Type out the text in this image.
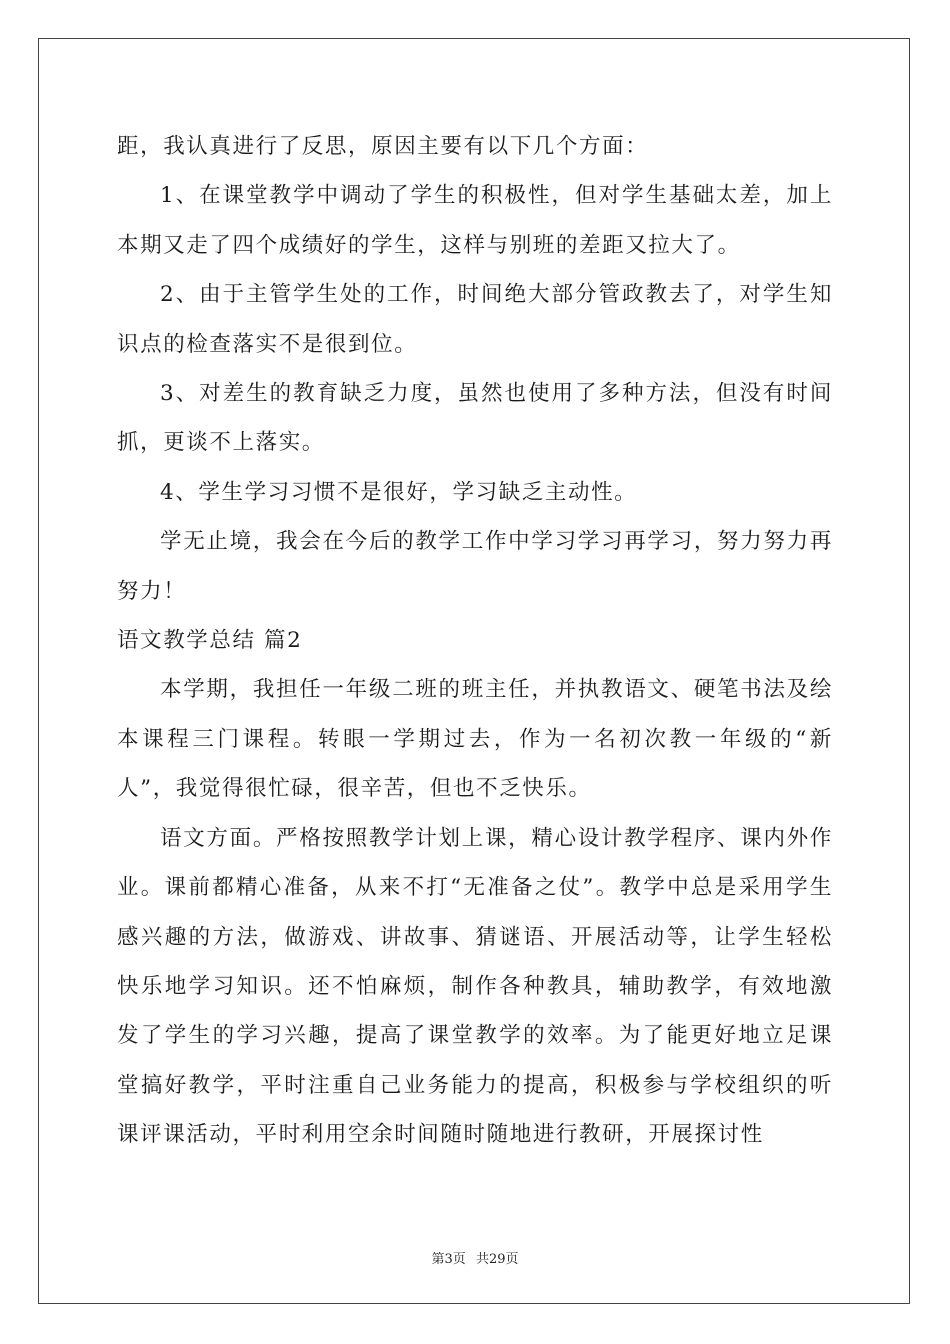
距，我认真进行了反思，原因主要有以下几个方面：

1、在课堂教学中调动了学生的积极性，但对学生基础太差，加上本期又走了四个成绩好的学生，这样与别班的差距又拉大了。

2、由于主管学生处的工作，时间绝大部分管政教去了，对学生知识点的检查落实不是很到位。

3、对差生的教育缺乏力度，虽然也使用了多种方法，但没有时间抓，更谈不上落实。

4、学生学习习惯不是很好，学习缺乏主动性。

学无止境，我会在今后的教学工作中学习学习再学习，努力努力再努力！

语文教学总结 篇2

本学期，我担任一年级二班的班主任，并执教语文、硬笔书法及绘本课程三门课程。转眼一学期过去，作为一名初次教一年级的“新人”，我觉得很忙碌，很辛苦，但也不乏快乐。

语文方面。严格按照教学计划上课，精心设计教学程序、课内外作业。课前都精心准备，从来不打“无准备之仗”。教学中总是采用学生感兴趣的方法，做游戏、讲故事、猜谜语、开展活动等，让学生轻松快乐地学习知识。还不怕麻烦，制作各种教具，辅助教学，有效地激发了学生的学习兴趣，提高了课堂教学的效率。为了能更好地立足课堂搞好教学，平时注重自己业务能力的提高，积极参与学校组织的听课评课活动，平时利用空余时间随时随地进行教研，开展探讨性

第3页 共29页
